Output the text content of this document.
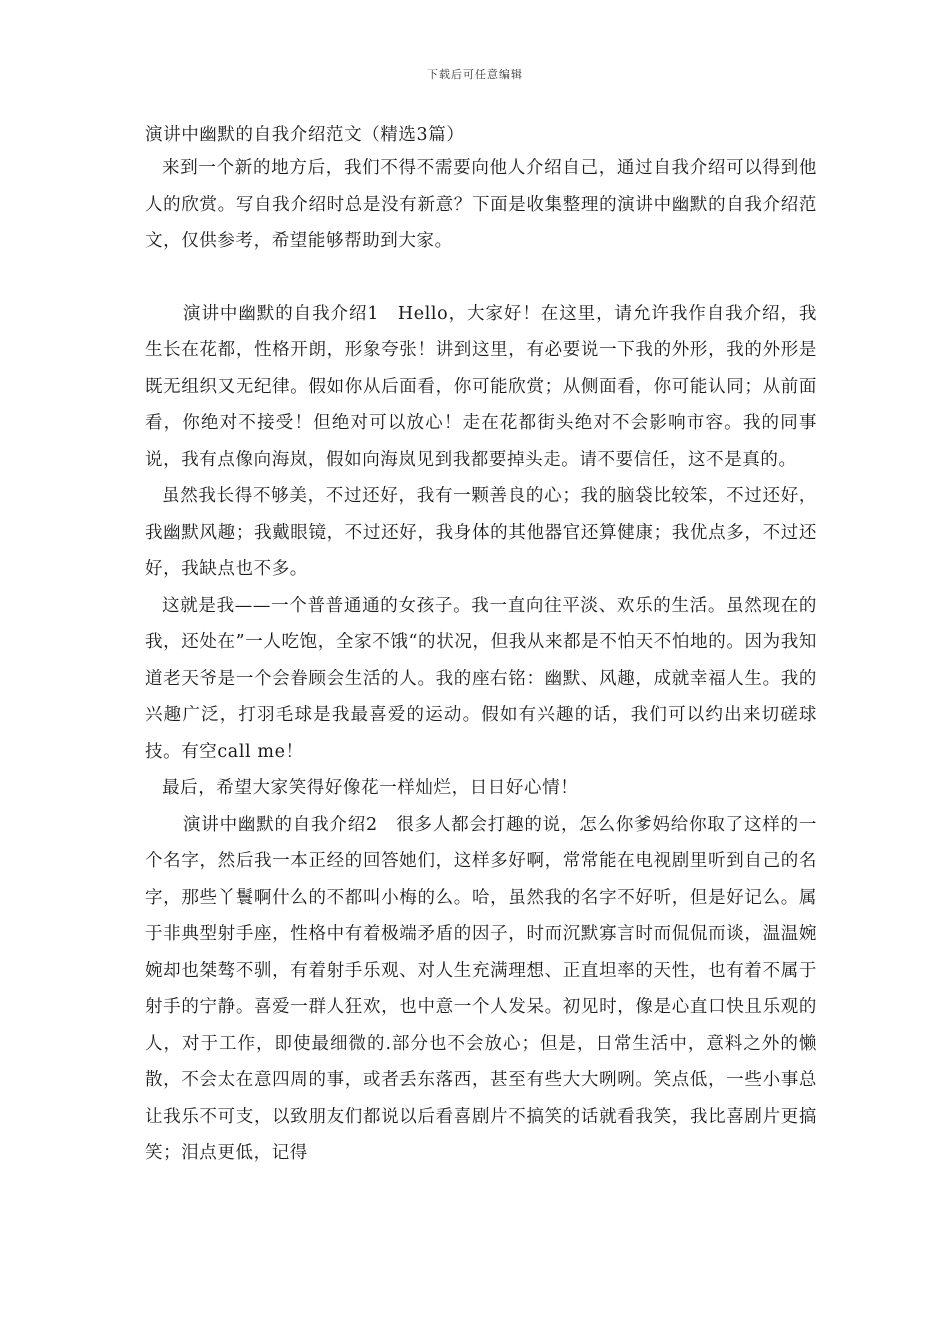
下载后可任意编辑
演讲中幽默的自我介绍范文（精选3篇）

来到一个新的地方后，我们不得不需要向他人介绍自己，通过自我介绍可以得到他人的欣赏。写自我介绍时总是没有新意？下面是收集整理的演讲中幽默的自我介绍范文，仅供参考，希望能够帮助到大家。

演讲中幽默的自我介绍1　Hello，大家好！在这里，请允许我作自我介绍，我生长在花都，性格开朗，形象夸张！讲到这里，有必要说一下我的外形，我的外形是既无组织又无纪律。假如你从后面看，你可能欣赏；从侧面看，你可能认同；从前面看，你绝对不接受！但绝对可以放心！走在花都街头绝对不会影响市容。我的同事说，我有点像向海岚，假如向海岚见到我都要掉头走。请不要信任，这不是真的。

虽然我长得不够美，不过还好，我有一颗善良的心；我的脑袋比较笨，不过还好，我幽默风趣；我戴眼镜，不过还好，我身体的其他器官还算健康；我优点多，不过还好，我缺点也不多。

这就是我——一个普普通通的女孩子。我一直向往平淡、欢乐的生活。虽然现在的我，还处在”一人吃饱，全家不饿“的状况，但我从来都是不怕天不怕地的。因为我知道老天爷是一个会眷顾会生活的人。我的座右铭：幽默、风趣，成就幸福人生。我的兴趣广泛，打羽毛球是我最喜爱的运动。假如有兴趣的话，我们可以约出来切磋球技。有空call me！

最后，希望大家笑得好像花一样灿烂，日日好心情！

演讲中幽默的自我介绍2　很多人都会打趣的说，怎么你爹妈给你取了这样的一个名字，然后我一本正经的回答她们，这样多好啊，常常能在电视剧里听到自己的名字，那些丫鬟啊什么的不都叫小梅的么。哈，虽然我的名字不好听，但是好记么。属于非典型射手座，性格中有着极端矛盾的因子，时而沉默寡言时而侃侃而谈，温温婉婉却也桀骜不驯，有着射手乐观、对人生充满理想、正直坦率的天性，也有着不属于射手的宁静。喜爱一群人狂欢，也中意一个人发呆。初见时，像是心直口快且乐观的人，对于工作，即使最细微的.部分也不会放心；但是，日常生活中，意料之外的懒散，不会太在意四周的事，或者丢东落西，甚至有些大大咧咧。笑点低，一些小事总让我乐不可支，以致朋友们都说以后看喜剧片不搞笑的话就看我笑，我比喜剧片更搞笑；泪点更低，记得
